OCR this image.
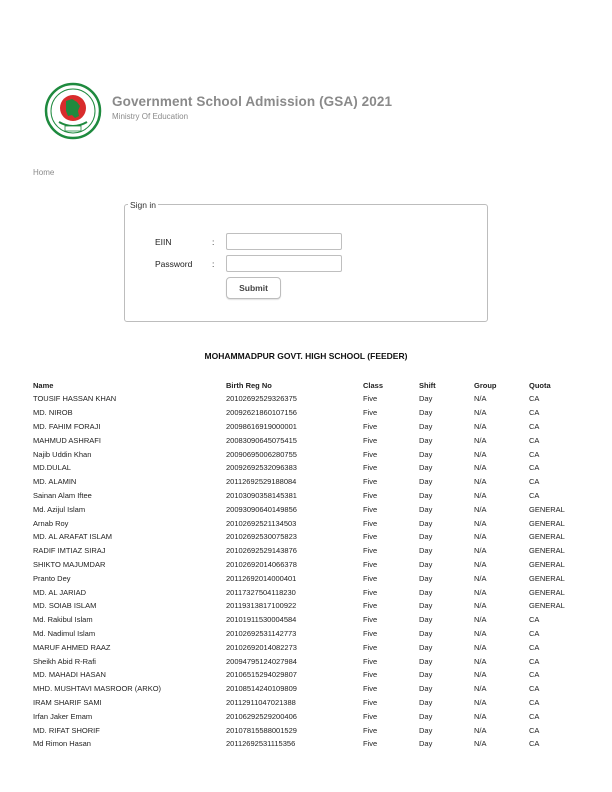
Government School Admission (GSA) 2021
Ministry Of Education
Home
Sign in
EIIN	:
Password :
Submit
MOHAMMADPUR GOVT. HIGH SCHOOL (FEEDER)
Name	Birth Reg No	Class	Shift	Group	Quota
TOUSIF HASSAN KHAN	20102692529326375	Five	Day	N/A	CA
MD. NIROB	20092621860107156	Five	Day	N/A	CA
MD. FAHIM FORAJI	20098616919000001	Five	Day	N/A	CA
MAHMUD ASHRAFI	20083090645075415	Five	Day	N/A	CA
Najib Uddin Khan	20090695006280755	Five	Day	N/A	CA
MD.DULAL	20092692532096383	Five	Day	N/A	CA
MD. ALAMIN	20112692529188084	Five	Day	N/A	CA
Sainan Alam Iftee	20103090358145381	Five	Day	N/A	CA
Md. Azijul Islam	20093090640149856	Five	Day	N/A	GENERAL
Arnab Roy	20102692521134503	Five	Day	N/A	GENERAL
MD. AL ARAFAT ISLAM	20102692530075823	Five	Day	N/A	GENERAL
RADIF IMTIAZ SIRAJ	20102692529143876	Five	Day	N/A	GENERAL
SHIKTO MAJUMDAR	20102692014066378	Five	Day	N/A	GENERAL
Pranto Dey	20112692014000401	Five	Day	N/A	GENERAL
MD. AL JARIAD	20117327504118230	Five	Day	N/A	GENERAL
MD. SOIAB ISLAM	20119313817100922	Five	Day	N/A	GENERAL
Md. Rakibul Islam	20101911530004584	Five	Day	N/A	CA
Md. Nadimul Islam	20102692531142773	Five	Day	N/A	CA
MARUF AHMED RAAZ	20102692014082273	Five	Day	N/A	CA
Sheikh Abid R-Rafi	20094795124027984	Five	Day	N/A	CA
MD. MAHADI HASAN	20106515294029807	Five	Day	N/A	CA
MHD. MUSHTAVI MASROOR (ARKO)	20108514240109809	Five	Day	N/A	CA
IRAM SHARIF SAMI	20112911047021388	Five	Day	N/A	CA
Irfan Jaker Emam	20106292529200406	Five	Day	N/A	CA
MD. RIFAT SHORIF	20107815588001529	Five	Day	N/A	CA
Md Rimon Hasan	20112692531115356	Five	Day	N/A	CA
